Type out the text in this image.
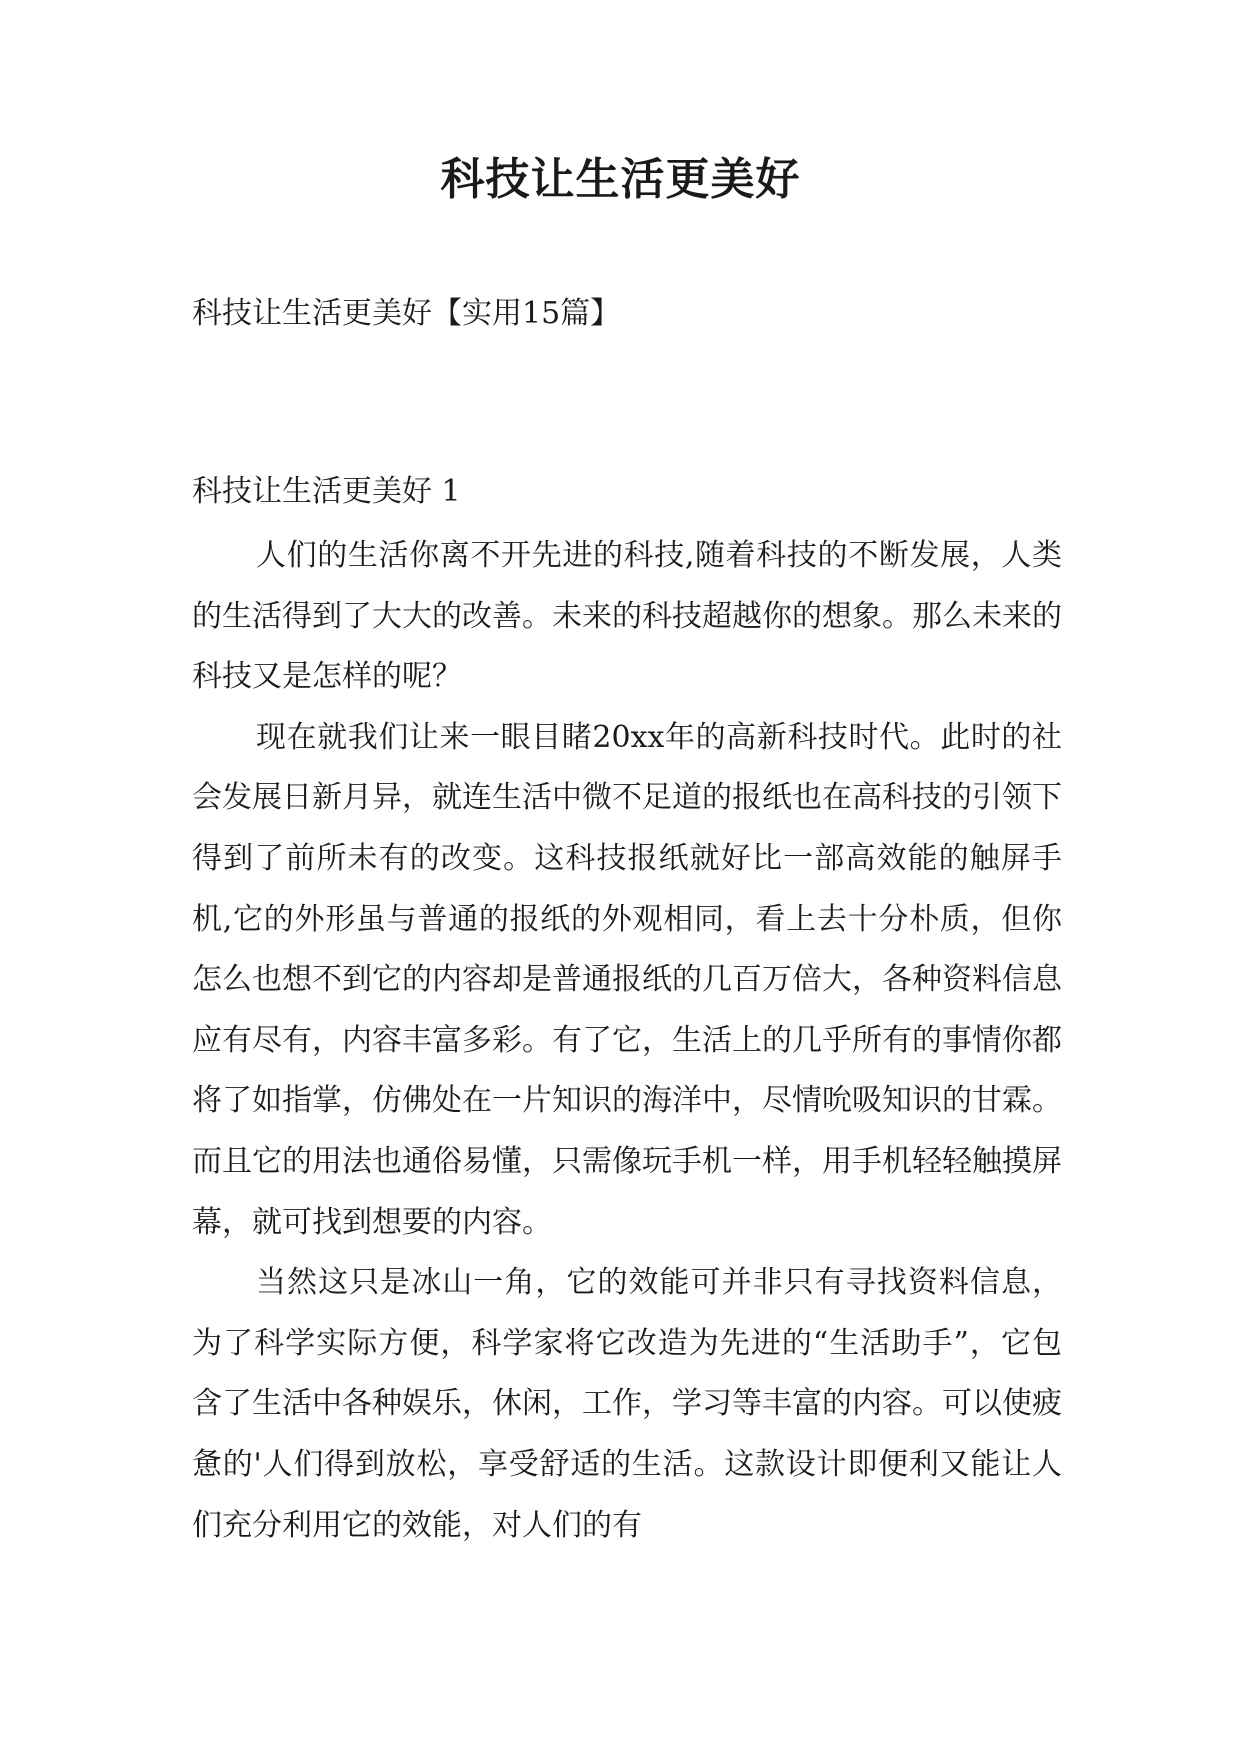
科技让生活更美好

科技让生活更美好【实用15篇】

科技让生活更美好 1

人们的生活你离不开先进的科技,随着科技的不断发展，人类的生活得到了大大的改善。未来的科技超越你的想象。那么未来的科技又是怎样的呢？

现在就我们让来一眼目睹20xx年的高新科技时代。此时的社会发展日新月异，就连生活中微不足道的报纸也在高科技的引领下得到了前所未有的改变。这科技报纸就好比一部高效能的触屏手机,它的外形虽与普通的报纸的外观相同，看上去十分朴质，但你怎么也想不到它的内容却是普通报纸的几百万倍大，各种资料信息应有尽有，内容丰富多彩。有了它，生活上的几乎所有的事情你都将了如指掌，仿佛处在一片知识的海洋中，尽情吮吸知识的甘霖。而且它的用法也通俗易懂，只需像玩手机一样，用手机轻轻触摸屏幕，就可找到想要的内容。

当然这只是冰山一角，它的效能可并非只有寻找资料信息，为了科学实际方便，科学家将它改造为先进的“生活助手”，它包含了生活中各种娱乐，休闲，工作，学习等丰富的内容。可以使疲惫的'人们得到放松，享受舒适的生活。这款设计即便利又能让人们充分利用它的效能，对人们的有
